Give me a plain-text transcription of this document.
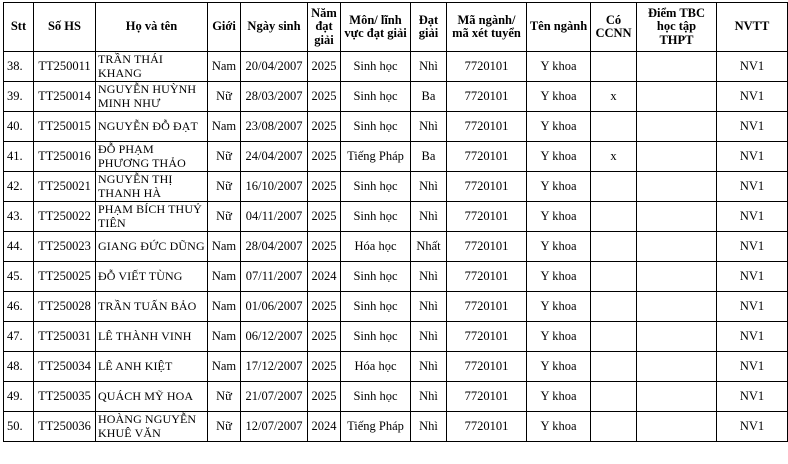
Stt	Số HS	Họ và tên	Giới	Ngày sinh	Năm đạt giải	Môn/ lĩnh vực đạt giải	Đạt giải	Mã ngành/ mã xét tuyển	Tên ngành	Có CCNN	Điểm TBC học tập THPT	NVTT
38.	TT250011	TRẦN THÁI KHANG	Nam	20/04/2007	2025	Sinh học	Nhì	7720101	Y khoa			NV1
39.	TT250014	NGUYỄN HUỲNH MINH NHƯ	Nữ	28/03/2007	2025	Sinh học	Ba	7720101	Y khoa	x		NV1
40.	TT250015	NGUYỄN ĐỖ ĐẠT	Nam	23/08/2007	2025	Sinh học	Nhì	7720101	Y khoa			NV1
41.	TT250016	ĐỖ PHẠM PHƯƠNG THẢO	Nữ	24/04/2007	2025	Tiếng Pháp	Ba	7720101	Y khoa	x		NV1
42.	TT250021	NGUYỄN THỊ THANH HÀ	Nữ	16/10/2007	2025	Sinh học	Nhì	7720101	Y khoa			NV1
43.	TT250022	PHẠM BÍCH THUỶ TIÊN	Nữ	04/11/2007	2025	Sinh học	Nhì	7720101	Y khoa			NV1
44.	TT250023	GIANG ĐỨC DŨNG	Nam	28/04/2007	2025	Hóa học	Nhất	7720101	Y khoa			NV1
45.	TT250025	ĐỖ VIẾT TÙNG	Nam	07/11/2007	2024	Sinh học	Nhì	7720101	Y khoa			NV1
46.	TT250028	TRẦN TUẤN BẢO	Nam	01/06/2007	2025	Sinh học	Nhì	7720101	Y khoa			NV1
47.	TT250031	LÊ THÀNH VINH	Nam	06/12/2007	2025	Sinh học	Nhì	7720101	Y khoa			NV1
48.	TT250034	LÊ ANH KIỆT	Nam	17/12/2007	2025	Hóa học	Nhì	7720101	Y khoa			NV1
49.	TT250035	QUÁCH MỸ HOA	Nữ	21/07/2007	2025	Sinh học	Nhì	7720101	Y khoa			NV1
50.	TT250036	HOÀNG NGUYỄN KHUÊ VĂN	Nữ	12/07/2007	2024	Tiếng Pháp	Nhì	7720101	Y khoa			NV1
